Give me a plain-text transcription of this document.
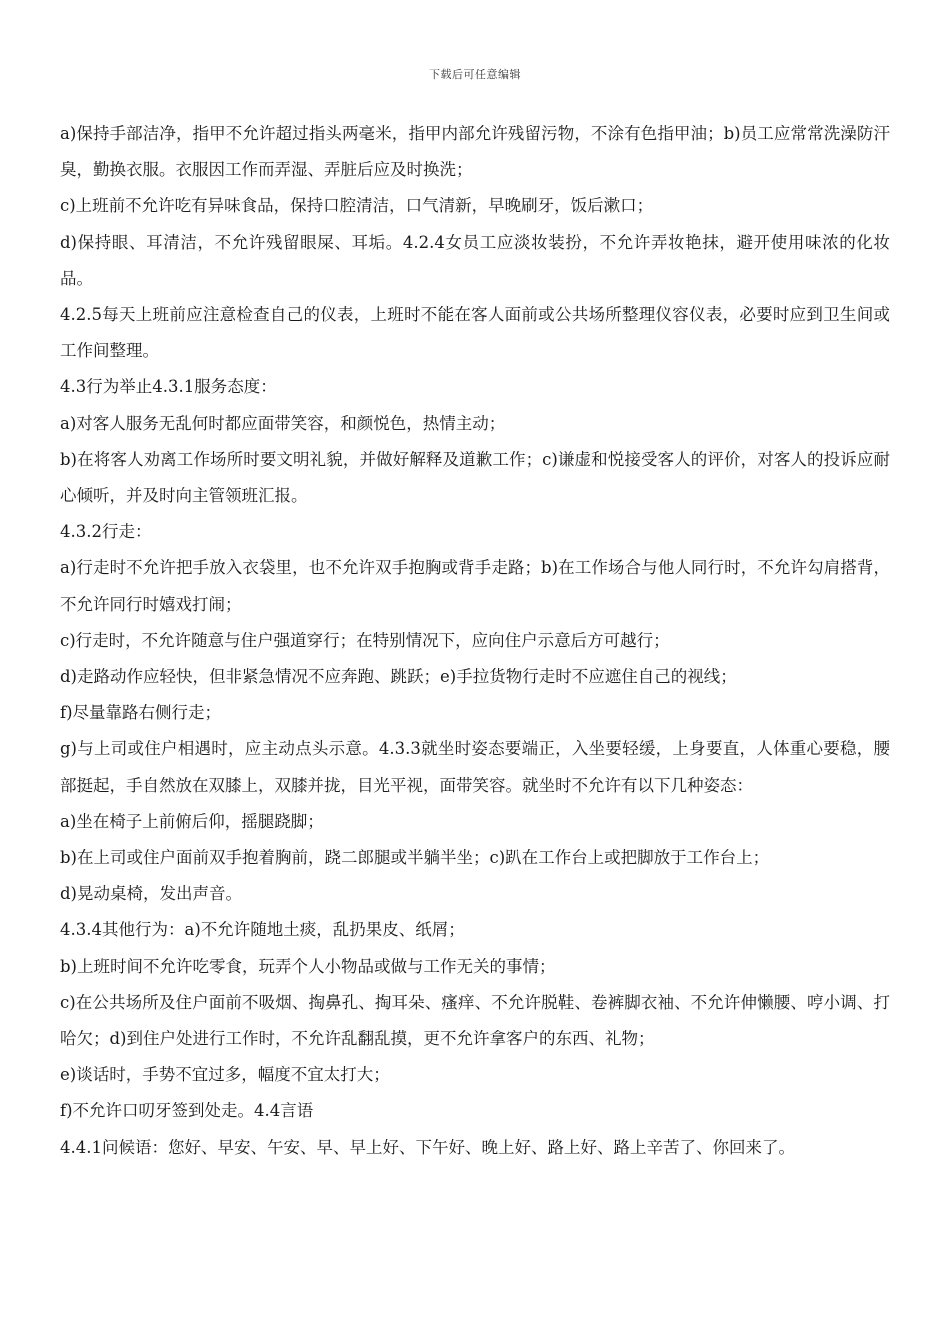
下载后可任意编辑

a)保持手部洁净，指甲不允许超过指头两毫米，指甲内部允许残留污物，不涂有色指甲油；b)员工应常常洗澡防汗臭，勤换衣服。衣服因工作而弄湿、弄脏后应及时换洗；

c)上班前不允许吃有异味食品，保持口腔清洁，口气清新，早晚刷牙，饭后漱口；

d)保持眼、耳清洁，不允许残留眼屎、耳垢。4.2.4女员工应淡妆装扮，不允许弄妆艳抹，避开使用味浓的化妆品。

4.2.5每天上班前应注意检查自己的仪表，上班时不能在客人面前或公共场所整理仪容仪表，必要时应到卫生间或工作间整理。

4.3行为举止4.3.1服务态度：

a)对客人服务无乱何时都应面带笑容，和颜悦色，热情主动；

b)在将客人劝离工作场所时要文明礼貌，并做好解释及道歉工作；c)谦虚和悦接受客人的评价，对客人的投诉应耐心倾听，并及时向主管领班汇报。

4.3.2行走：

a)行走时不允许把手放入衣袋里，也不允许双手抱胸或背手走路；b)在工作场合与他人同行时，不允许勾肩搭背，不允许同行时嬉戏打闹；

c)行走时，不允许随意与住户强道穿行；在特别情况下，应向住户示意后方可越行；

d)走路动作应轻快，但非紧急情况不应奔跑、跳跃；e)手拉货物行走时不应遮住自己的视线；

f)尽量靠路右侧行走；

g)与上司或住户相遇时，应主动点头示意。4.3.3就坐时姿态要端正，入坐要轻缓，上身要直，人体重心要稳，腰部挺起，手自然放在双膝上，双膝并拢，目光平视，面带笑容。就坐时不允许有以下几种姿态：

a)坐在椅子上前俯后仰，摇腿跷脚；

b)在上司或住户面前双手抱着胸前，跷二郎腿或半躺半坐；c)趴在工作台上或把脚放于工作台上；

d)晃动桌椅，发出声音。

4.3.4其他行为：a)不允许随地土痰，乱扔果皮、纸屑；

b)上班时间不允许吃零食，玩弄个人小物品或做与工作无关的事情；

c)在公共场所及住户面前不吸烟、掏鼻孔、掏耳朵、瘙痒、不允许脱鞋、卷裤脚衣袖、不允许伸懒腰、哼小调、打哈欠；d)到住户处进行工作时，不允许乱翻乱摸，更不允许拿客户的东西、礼物；

e)谈话时，手势不宜过多，幅度不宜太打大；

f)不允许口叨牙签到处走。4.4言语

4.4.1问候语：您好、早安、午安、早、早上好、下午好、晚上好、路上好、路上辛苦了、你回来了。
